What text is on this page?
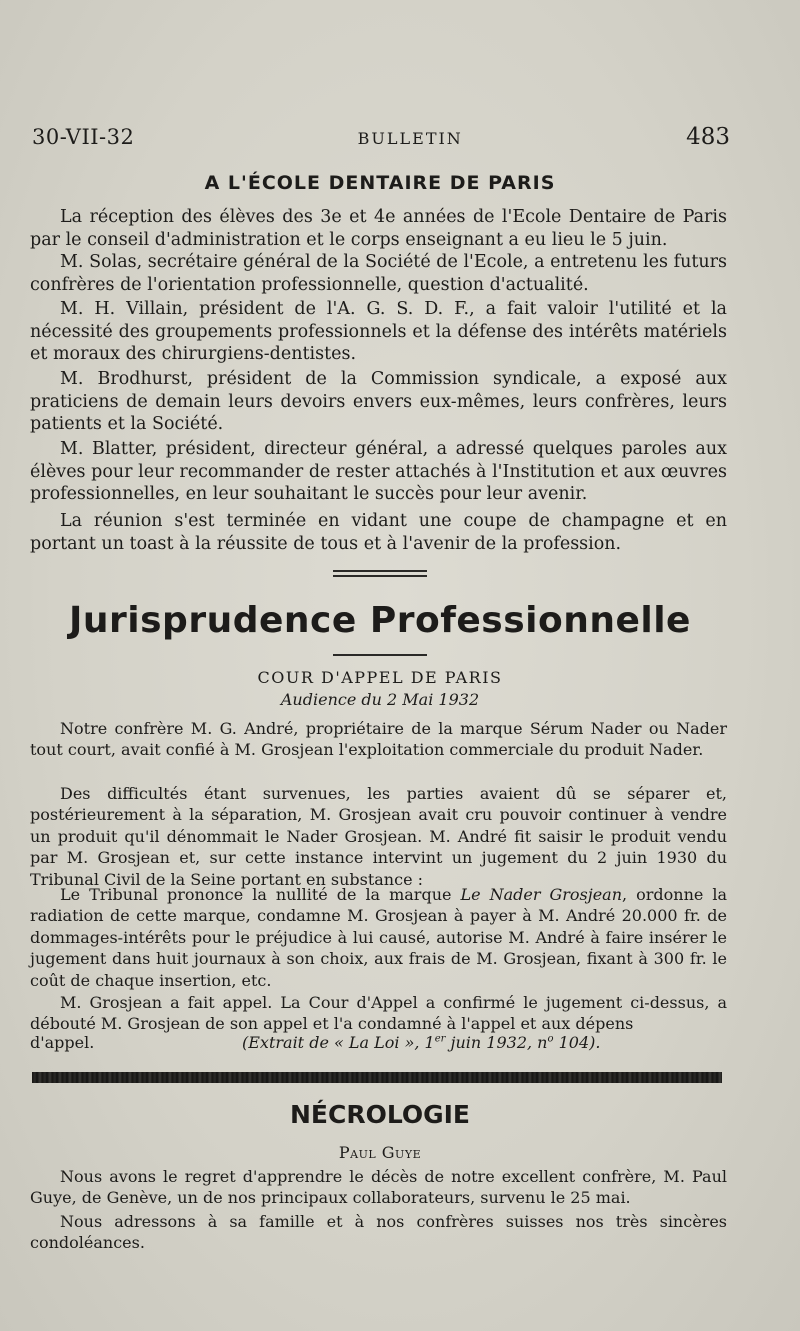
30-VII-32	BULLETIN	483
A L'ÉCOLE DENTAIRE DE PARIS

La réception des élèves des 3e et 4e années de l'Ecole Dentaire de Paris par le conseil d'administration et le corps enseignant a eu lieu le 5 juin.

M. Solas, secrétaire général de la Société de l'Ecole, a entretenu les futurs confrères de l'orientation professionnelle, question d'actualité.

M. H. Villain, président de l'A. G. S. D. F., a fait valoir l'utilité et la nécessité des groupements professionnels et la défense des intérêts matériels et moraux des chirurgiens-dentistes.

M. Brodhurst, président de la Commission syndicale, a exposé aux praticiens de demain leurs devoirs envers eux-mêmes, leurs confrères, leurs patients et la Société.

M. Blatter, président, directeur général, a adressé quelques paroles aux élèves pour leur recommander de rester attachés à l'Institution et aux œuvres professionnelles, en leur souhaitant le succès pour leur avenir.

La réunion s'est terminée en vidant une coupe de champagne et en portant un toast à la réussite de tous et à l'avenir de la profession.

Jurisprudence Professionnelle
COUR D'APPEL DE PARIS
Audience du 2 Mai 1932

Notre confrère M. G. André, propriétaire de la marque Sérum Nader ou Nader tout court, avait confié à M. Grosjean l'exploitation commerciale du produit Nader.

Des difficultés étant survenues, les parties avaient dû se séparer et, postérieurement à la séparation, M. Grosjean avait cru pouvoir continuer à vendre un produit qu'il dénommait le Nader Grosjean. M. André fit saisir le produit vendu par M. Grosjean et, sur cette instance intervint un jugement du 2 juin 1930 du Tribunal Civil de la Seine portant en substance :

Le Tribunal prononce la nullité de la marque Le Nader Grosjean, ordonne la radiation de cette marque, condamne M. Grosjean à payer à M. André 20.000 fr. de dommages-intérêts pour le préjudice à lui causé, autorise M. André à faire insérer le jugement dans huit journaux à son choix, aux frais de M. Grosjean, fixant à 300 fr. le coût de chaque insertion, etc.

M. Grosjean a fait appel. La Cour d'Appel a confirmé le jugement ci-dessus, a débouté M. Grosjean de son appel et l'a condamné à l'appel et aux dépens

d'appel.	(Extrait de « La Loi », 1er juin 1932, $n^o$ 104).
NÉCROLOGIE
Paul Guye

Nous avons le regret d'apprendre le décès de notre excellent confrère, M. Paul Guye, de Genève, un de nos principaux collaborateurs, survenu le 25 mai.

Nous adressons à sa famille et à nos confrères suisses nos très sincères condoléances.
